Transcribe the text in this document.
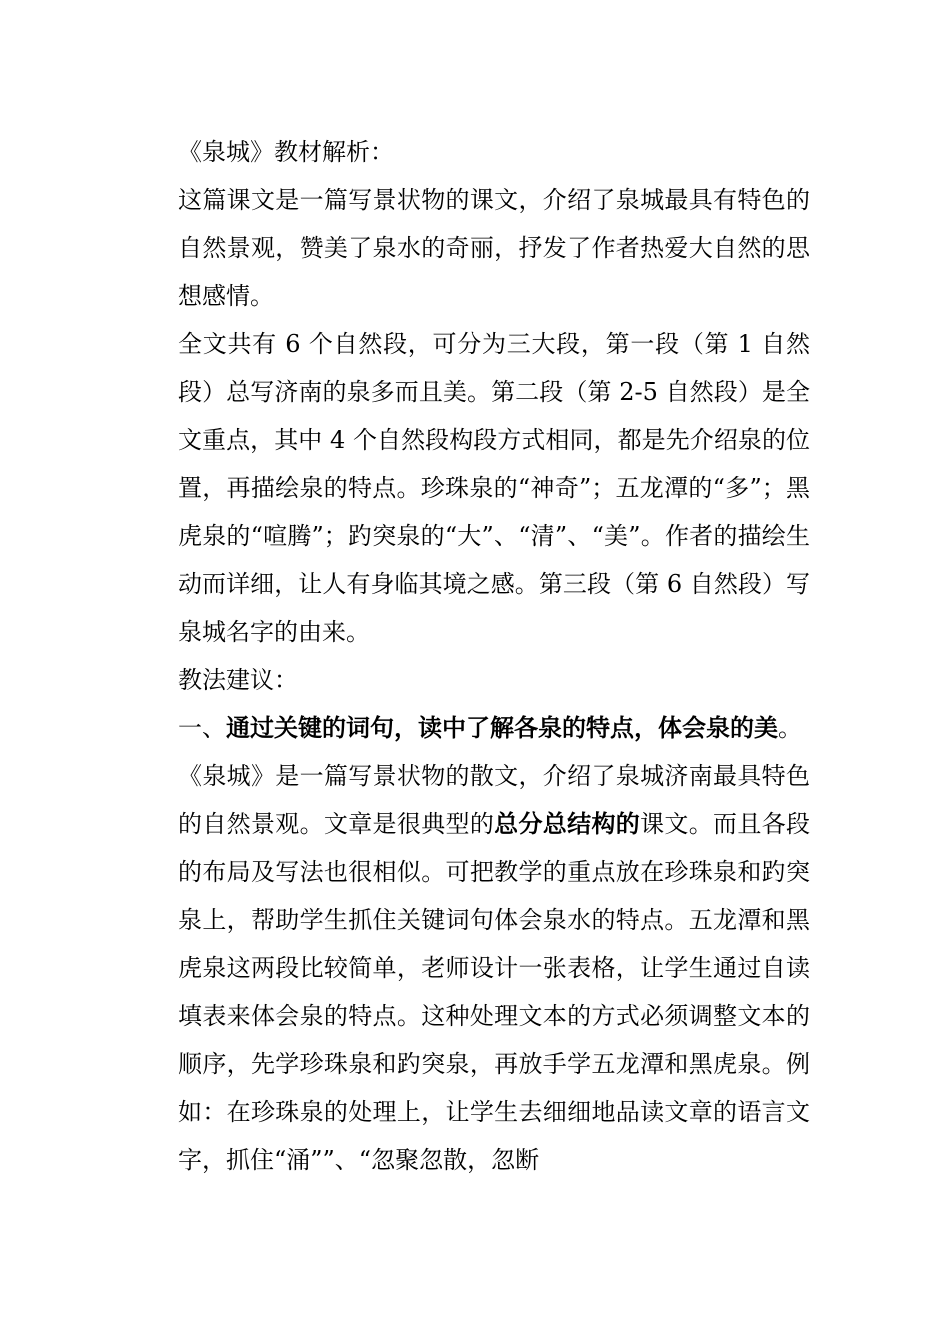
《泉城》教材解析：

这篇课文是一篇写景状物的课文，介绍了泉城最具有特色的自然景观，赞美了泉水的奇丽，抒发了作者热爱大自然的思想感情。

全文共有 6 个自然段，可分为三大段，第一段（第 1 自然段）总写济南的泉多而且美。第二段（第 2-5 自然段）是全文重点，其中 4 个自然段构段方式相同，都是先介绍泉的位置，再描绘泉的特点。珍珠泉的“神奇”；五龙潭的“多”；黑虎泉的“喧腾”；趵突泉的“大”、“清”、“美”。作者的描绘生动而详细，让人有身临其境之感。第三段（第 6 自然段）写泉城名字的由来。

教法建议：

一、通过关键的词句，读中了解各泉的特点，体会泉的美。

《泉城》是一篇写景状物的散文，介绍了泉城济南最具特色的自然景观。文章是很典型的总分总结构的课文。而且各段的布局及写法也很相似。可把教学的重点放在珍珠泉和趵突泉上，帮助学生抓住关键词句体会泉水的特点。五龙潭和黑虎泉这两段比较简单，老师设计一张表格，让学生通过自读填表来体会泉的特点。这种处理文本的方式必须调整文本的顺序，先学珍珠泉和趵突泉，再放手学五龙潭和黑虎泉。例如：在珍珠泉的处理上，让学生去细细地品读文章的语言文字，抓住“涌””、“忽聚忽散，忽断
